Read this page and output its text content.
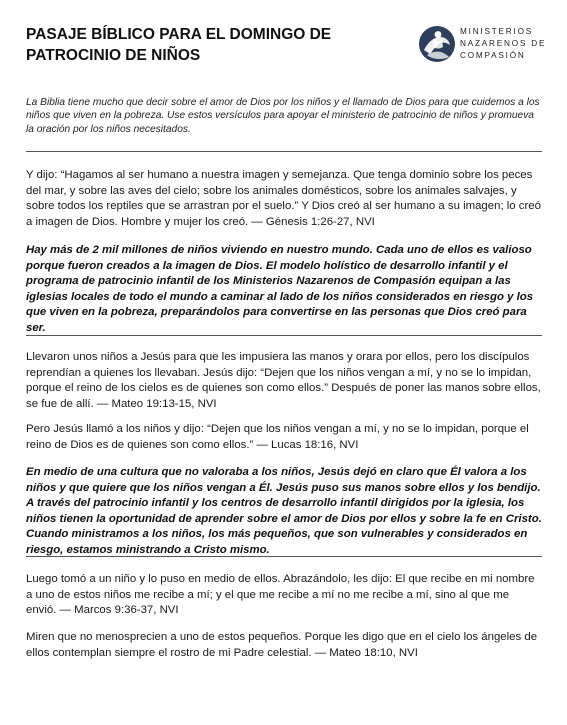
PASAJE BÍBLICO PARA EL DOMINGO DE PATROCINIO DE NIÑOS
MINISTERIOS
NAZARENOS DE
COMPASIÓN

La Biblia tiene mucho que decir sobre el amor de Dios por los niños y el llamado de Dios para que cuidemos a los niños que viven en la pobreza. Use estos versículos para apoyar el ministerio de patrocinio de niños y promueva la oración por los niños necesitados.

Y dijo: “Hagamos al ser humano a nuestra imagen y semejanza. Que tenga dominio sobre los peces del mar, y sobre las aves del cielo; sobre los animales domésticos, sobre los animales salvajes, y sobre todos los reptiles que se arrastran por el suelo.” Y Dios creó al ser humano a su imagen; lo creó a imagen de Dios. Hombre y mujer los creó. — Génesis 1:26-27, NVI

Hay más de 2 mil millones de niños viviendo en nuestro mundo. Cada uno de ellos es valioso porque fueron creados a la imagen de Dios. El modelo holístico de desarrollo infantil y el programa de patrocinio infantil de los Ministerios Nazarenos de Compasión equipan a las iglesias locales de todo el mundo a caminar al lado de los niños considerados en riesgo y los que viven en la pobreza, preparándolos para convertirse en las personas que Dios creó para ser.

Llevaron unos niños a Jesús para que les impusiera las manos y orara por ellos, pero los discípulos reprendían a quienes los llevaban. Jesús dijo: “Dejen que los niños vengan a mí, y no se lo impidan, porque el reino de los cielos es de quienes son como ellos.” Después de poner las manos sobre ellos, se fue de allí. — Mateo 19:13-15, NVI

Pero Jesús llamó a los niños y dijo: “Dejen que los niños vengan a mí, y no se lo impidan, porque el reino de Dios es de quienes son como ellos.” — Lucas 18:16, NVI

En medio de una cultura que no valoraba a los niños, Jesús dejó en claro que Él valora a los niños y que quiere que los niños vengan a Él. Jesús puso sus manos sobre ellos y los bendijo. A través del patrocinio infantil y los centros de desarrollo infantil dirigidos por la iglesia, los niños tienen la oportunidad de aprender sobre el amor de Dios por ellos y sobre la fe en Cristo. Cuando ministramos a los niños, los más pequeños, que son vulnerables y considerados en riesgo, estamos ministrando a Cristo mismo.

Luego tomó a un niño y lo puso en medio de ellos. Abrazándolo, les dijo: El que recibe en mi nombre a uno de estos niños me recibe a mí; y el que me recibe a mí no me recibe a mí, sino al que me envió. — Marcos 9:36-37, NVI

Miren que no menosprecien a uno de estos pequeños. Porque les digo que en el cielo los ángeles de ellos contemplan siempre el rostro de mi Padre celestial. — Mateo 18:10, NVI
